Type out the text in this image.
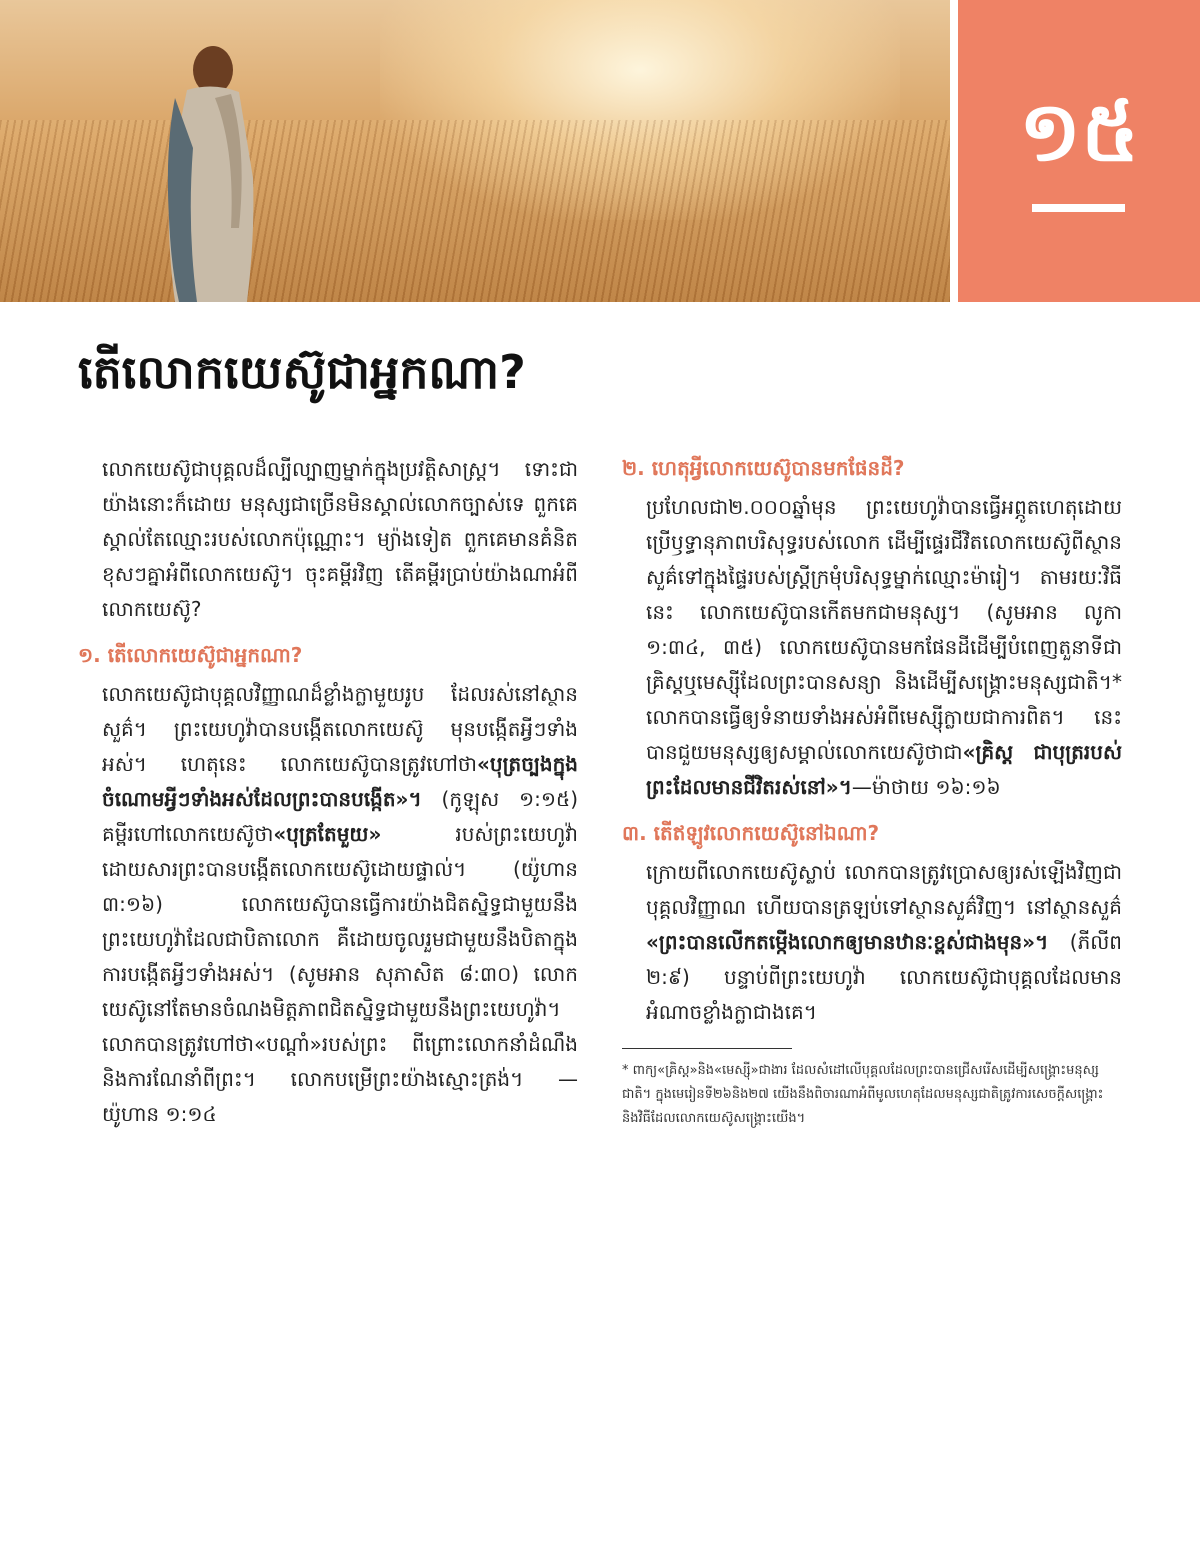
១៥
តើលោកយេស៊ូជាអ្នកណា?

លោកយេស៊ូជាបុគ្គលដ៏ល្បីល្បាញម្នាក់ក្នុងប្រវត្តិសាស្ត្រ។ ទោះជាយ៉ាងនោះក៏ដោយ មនុស្សជាច្រើនមិនស្គាល់លោកច្បាស់ទេ ពួកគេស្គាល់តែឈ្មោះរបស់លោកប៉ុណ្ណោះ។ ម្យ៉ាងទៀត ពួកគេមានគំនិតខុសៗគ្នាអំពីលោកយេស៊ូ។ ចុះគម្ពីរវិញ តើគម្ពីរប្រាប់យ៉ាងណាអំពីលោកយេស៊ូ?

១. តើលោកយេស៊ូជាអ្នកណា?

លោកយេស៊ូជាបុគ្គលវិញ្ញាណដ៏ខ្លាំងក្លាមួយរូប ដែលរស់នៅស្ថានសួគ៌។ ព្រះយេហូវ៉ាបានបង្កើតលោកយេស៊ូ មុនបង្កើតអ្វីៗទាំងអស់។ ហេតុនេះ លោកយេស៊ូបានត្រូវហៅថា«បុត្រច្បងក្នុងចំណោមអ្វីៗទាំងអស់ដែលព្រះបានបង្កើត»។ (កូឡុស ១:១៥) គម្ពីរហៅលោកយេស៊ូថា«បុត្រតែមួយ» របស់ព្រះយេហូវ៉ា ដោយសារព្រះបានបង្កើតលោកយេស៊ូដោយផ្ទាល់។ (យ៉ូហាន ៣:១៦) លោកយេស៊ូបានធ្វើការយ៉ាងជិតស្និទ្ធជាមួយនឹងព្រះយេហូវ៉ាដែលជាបិតាលោក គឺដោយចូលរួមជាមួយនឹងបិតាក្នុងការបង្កើតអ្វីៗទាំងអស់។ (សូមអាន សុភាសិត ៨:៣០) លោកយេស៊ូនៅតែមានចំណងមិត្តភាពជិតស្និទ្ធជាមួយនឹងព្រះយេហូវ៉ា។ លោកបានត្រូវហៅថា«បណ្ដាំ»របស់ព្រះ ពីព្រោះលោកនាំដំណឹងនិងការណែនាំពីព្រះ។ លោកបម្រើព្រះយ៉ាងស្មោះត្រង់។ —យ៉ូហាន ១:១៤

២. ហេតុអ្វីលោកយេស៊ូបានមកផែនដី?

ប្រហែលជា២.០០០ឆ្នាំមុន ព្រះយេហូវ៉ាបានធ្វើអព្ភូតហេតុដោយប្រើឫទ្ធានុភាពបរិសុទ្ធរបស់លោក ដើម្បីផ្ទេរជីវិតលោកយេស៊ូពីស្ថានសួគ៌ទៅក្នុងផ្ទៃរបស់ស្ត្រីក្រមុំបរិសុទ្ធម្នាក់ឈ្មោះម៉ារៀ។ តាមរយៈវិធីនេះ លោកយេស៊ូបានកើតមកជាមនុស្ស។ (សូមអាន លូកា ១:៣៤, ៣៥) លោកយេស៊ូបានមកផែនដីដើម្បីបំពេញតួនាទីជាគ្រិស្តឬមេស្ស៊ីដែលព្រះបានសន្យា និងដើម្បីសង្គ្រោះមនុស្សជាតិ។* លោកបានធ្វើឲ្យទំនាយទាំងអស់អំពីមេស្ស៊ីក្លាយជាការពិត។ នេះបានជួយមនុស្សឲ្យសម្គាល់លោកយេស៊ូថាជា«គ្រិស្ត ជាបុត្ររបស់ព្រះដែលមានជីវិតរស់នៅ»។—ម៉ាថាយ ១៦:១៦

៣. តើឥឡូវលោកយេស៊ូនៅឯណា?

ក្រោយពីលោកយេស៊ូស្លាប់ លោកបានត្រូវប្រោសឲ្យរស់ឡើងវិញជាបុគ្គលវិញ្ញាណ ហើយបានត្រឡប់ទៅស្ថានសួគ៌វិញ។ នៅស្ថានសួគ៌ «ព្រះបានលើកតម្កើងលោកឲ្យមានឋានៈខ្ពស់ជាងមុន»។ (ភីលីព ២:៩) បន្ទាប់ពីព្រះយេហូវ៉ា លោកយេស៊ូជាបុគ្គលដែលមានអំណាចខ្លាំងក្លាជាងគេ។

* ពាក្យ«គ្រិស្ត»និង«មេស្ស៊ី»ជាងារ ដែលសំដៅលើបុគ្គលដែលព្រះបានជ្រើសរើសដើម្បីសង្គ្រោះមនុស្សជាតិ។ ក្នុងមេរៀនទី២៦និង២៧ យើងនឹងពិចារណាអំពីមូលហេតុដែលមនុស្សជាតិត្រូវការសេចក្ដីសង្គ្រោះ និងវិធីដែលលោកយេស៊ូសង្គ្រោះយើង។
